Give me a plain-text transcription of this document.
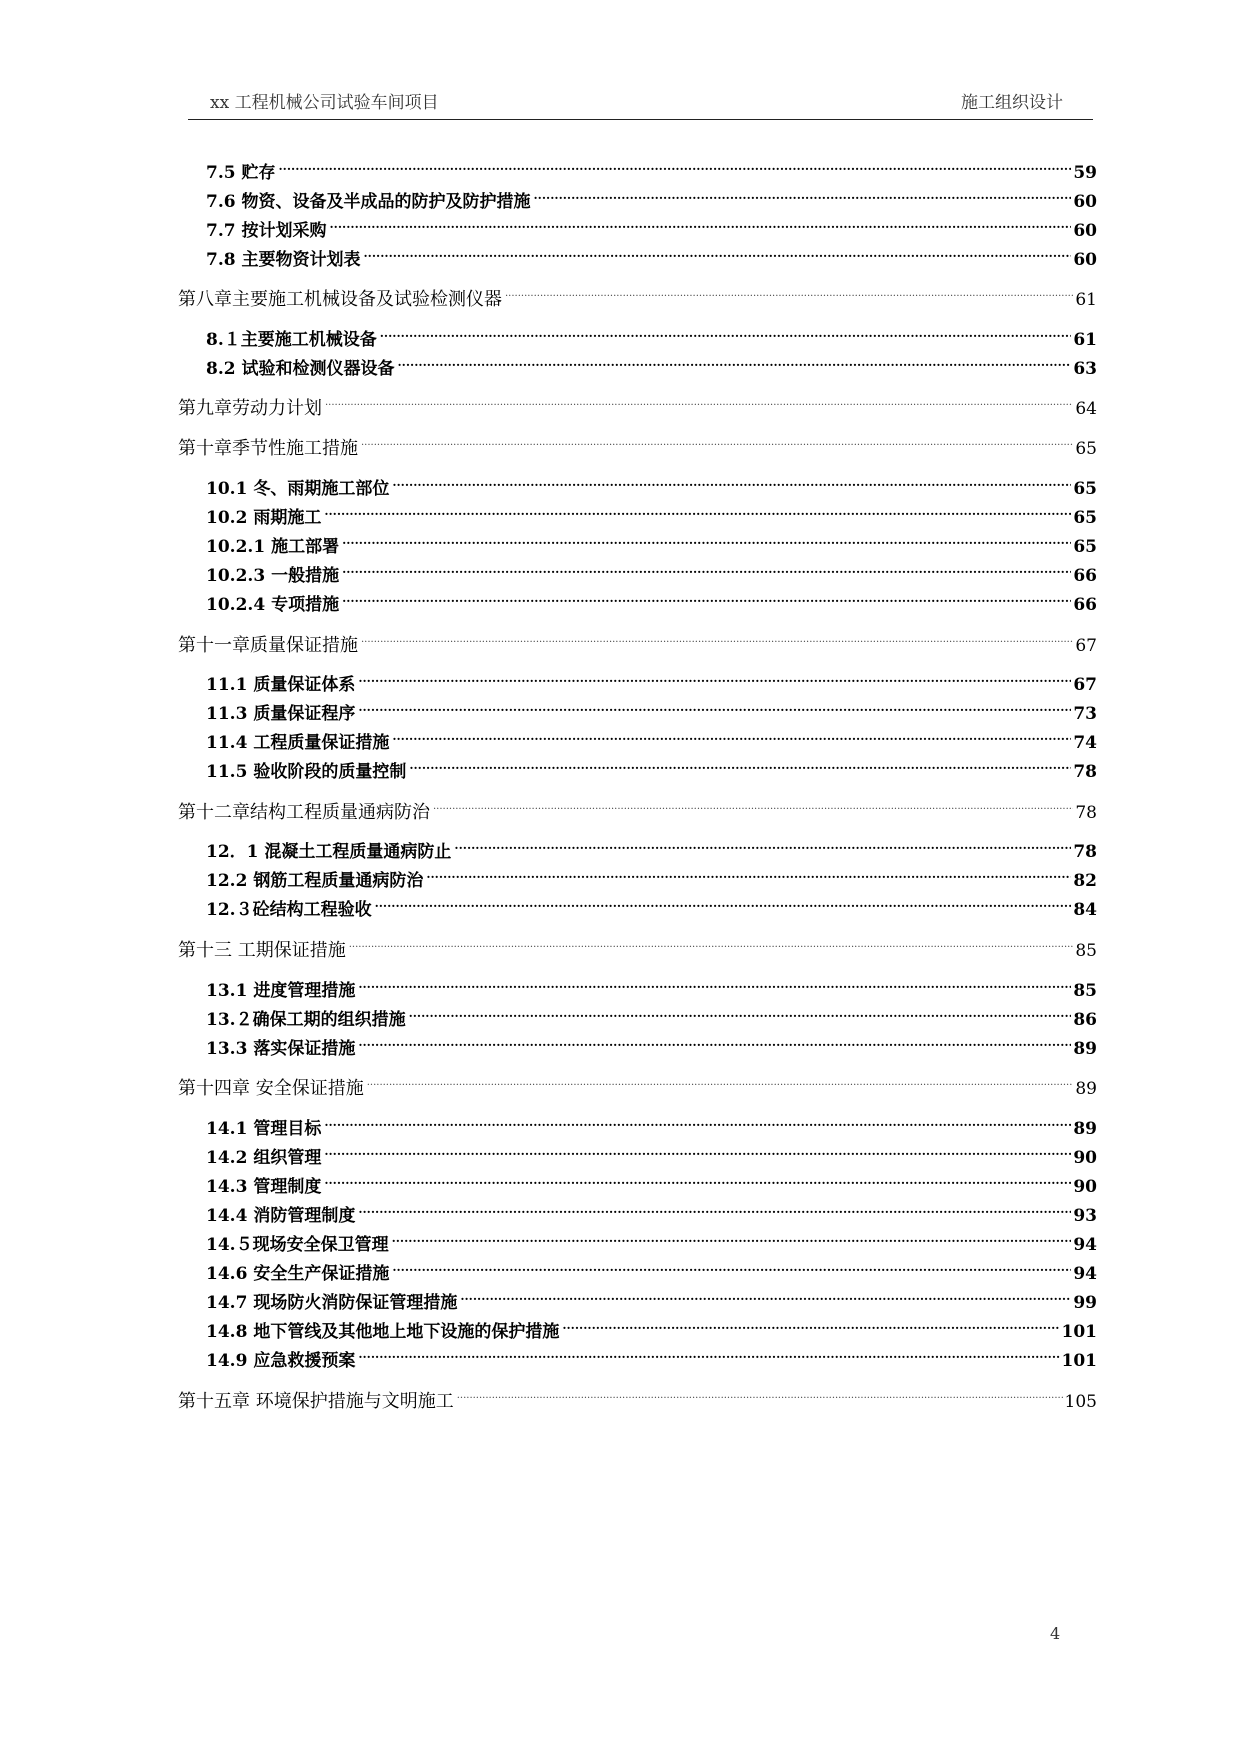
xx 工程机械公司试验车间项目	施工组织设计
7.5 贮存 .....	59
7.6 物资、设备及半成品的防护及防护措施 .....	60
7.7 按计划采购 .....	60
7.8 主要物资计划表 .....	60
第八章主要施工机械设备及试验检测仪器 .....	61
8.１主要施工机械设备 .....	61
8.2 试验和检测仪器设备 .....	63
第九章劳动力计划 .....	64
第十章季节性施工措施 .....	65
10.1 冬、雨期施工部位 .....	65
10.2 雨期施工 .....	65
10.2.1 施工部署 .....	65
10.2.3 一般措施 .....	66
10.2.4 专项措施 .....	66
第十一章质量保证措施 .....	67
11.1 质量保证体系 .....	67
11.3 质量保证程序 .....	73
11.4 工程质量保证措施 .....	74
11.5 验收阶段的质量控制 .....	78
第十二章结构工程质量通病防治 .....	78
12．1 混凝土工程质量通病防止 .....	78
12.2 钢筋工程质量通病防治 .....	82
12.３砼结构工程验收 .....	84
第十三 工期保证措施 .....	85
13.1 进度管理措施 .....	85
13.２确保工期的组织措施 .....	86
13.3 落实保证措施 .....	89
第十四章 安全保证措施 .....	89
14.1 管理目标 .....	89
14.2 组织管理 .....	90
14.3 管理制度 .....	90
14.4 消防管理制度 .....	93
14.５现场安全保卫管理 .....	94
14.6 安全生产保证措施 .....	94
14.7 现场防火消防保证管理措施 .....	99
14.8 地下管线及其他地上地下设施的保护措施 .....	101
14.9 应急救援预案 .....	101
第十五章 环境保护措施与文明施工 .....	105
4
